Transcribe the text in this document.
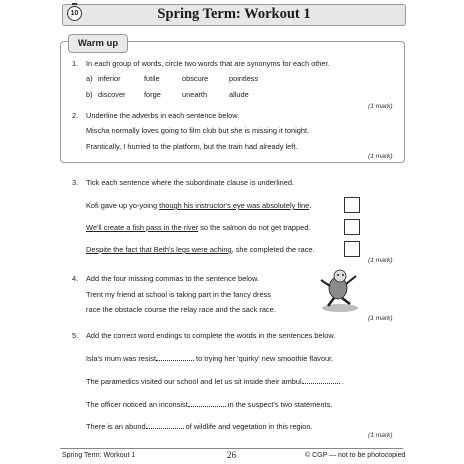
Spring Term: Workout 1
10
Warm up
1. In each group of words, circle two words that are synonyms for each other.
a) inferior	futile	obscure	pointless
b) discover forge	unearth	allude
(1 mark)
2. Underline the adverbs in each sentence below.
Mischa normally loves going to film club but she is missing it tonight.
Frantically, I hurried to the platform, but the train had already left.
(1 mark)
3. Tick each sentence where the subordinate clause is underlined.
Kofi gave up yo-yoing though his instructor's eye was absolutely fine.
We'll create a fish pass in the river so the salmon do not get trapped.
Despite the fact that Beth's legs were aching, she completed the race.
(1 mark)
4. Add the four missing commas to the sentence below.
Trent my friend at school is taking part in the fancy dress
race the obstacle course the relay race and the sack race.
(1 mark)
5. Add the correct word endings to complete the words in the sentences below.
Isla's mum was resist	to trying her 'quirky' new smoothie flavour.
The paramedics visited our school and let us sit inside their ambul	.
The officer noticed an inconsist	in the suspect's two statements.
There is an abund	of wildlife and vegetation in this region.
(1 mark)
Spring Term: Workout 1	26	© CGP — not to be photocopied
